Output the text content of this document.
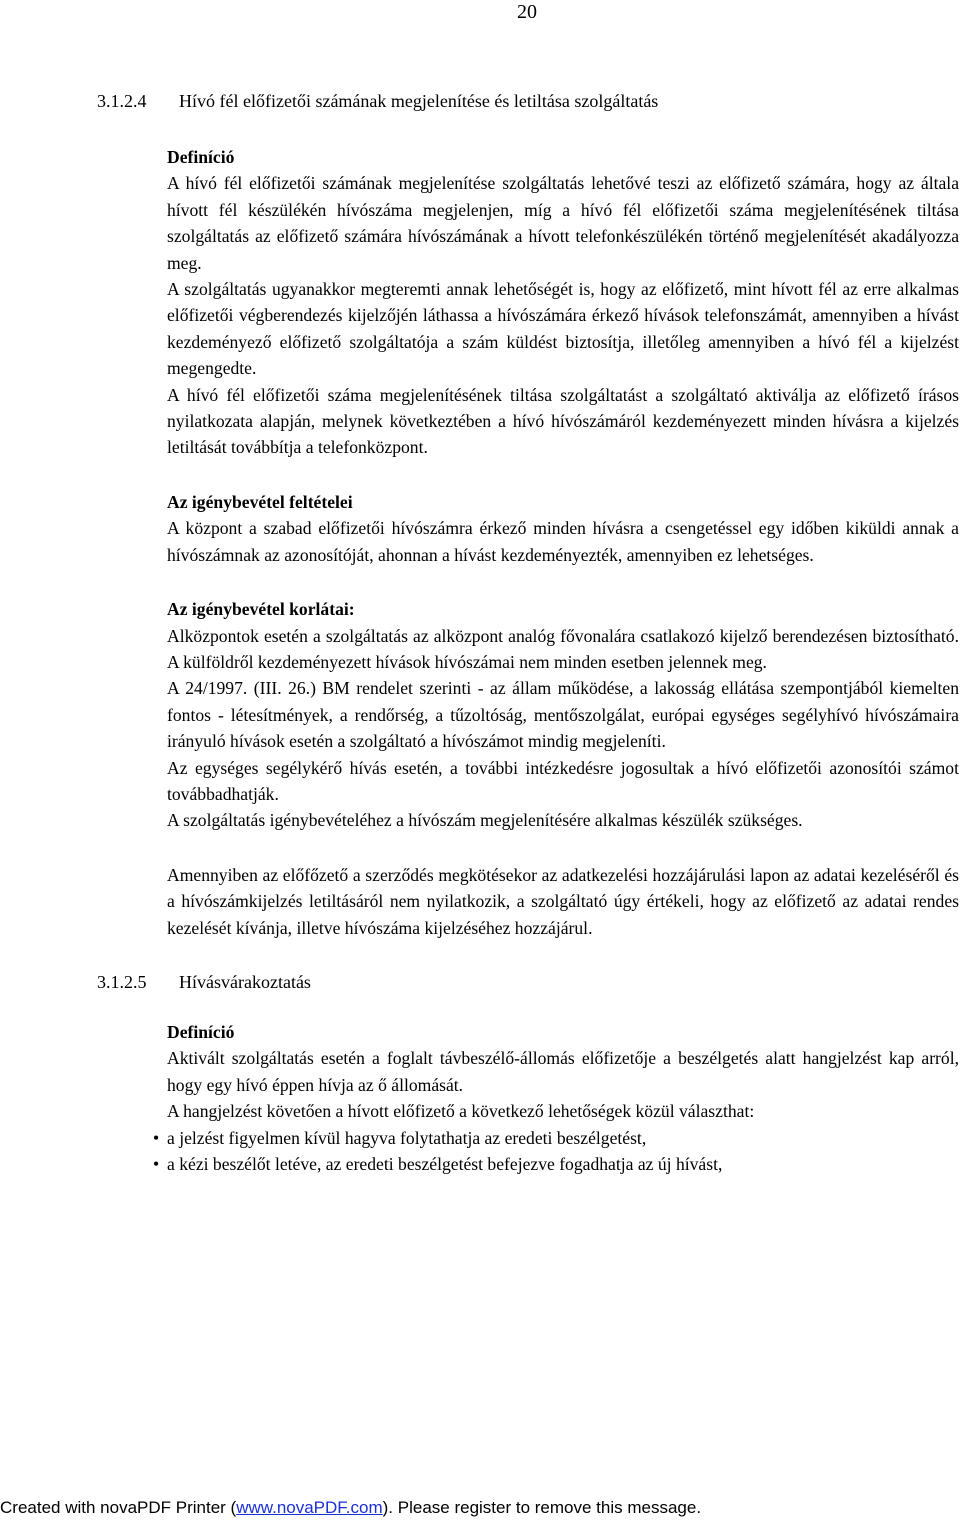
20
3.1.2.4 Hívó fél előfizetői számának megjelenítése és letiltása szolgáltatás
Definíció

A hívó fél előfizetői számának megjelenítése szolgáltatás lehetővé teszi az előfizető számára, hogy az általa hívott fél készülékén hívószáma megjelenjen, míg a hívó fél előfizetői száma megjelenítésének tiltása szolgáltatás az előfizető számára hívószámának a hívott telefonkészülékén történő megjelenítését akadályozza meg.

A szolgáltatás ugyanakkor megteremti annak lehetőségét is, hogy az előfizető, mint hívott fél az erre alkalmas előfizetői végberendezés kijelzőjén láthassa a hívószámára érkező hívások telefonszámát, amennyiben a hívást kezdeményező előfizető szolgáltatója a szám küldést biztosítja, illetőleg amennyiben a hívó fél a kijelzést megengedte.

A hívó fél előfizetői száma megjelenítésének tiltása szolgáltatást a szolgáltató aktiválja az előfizető írásos nyilatkozata alapján, melynek következtében a hívó hívószámáról kezdeményezett minden hívásra a kijelzés letiltását továbbítja a telefonközpont.

Az igénybevétel feltételei

A központ a szabad előfizetői hívószámra érkező minden hívásra a csengetéssel egy időben kiküldi annak a hívószámnak az azonosítóját, ahonnan a hívást kezdeményezték, amennyiben ez lehetséges.

Az igénybevétel korlátai:

Alközpontok esetén a szolgáltatás az alközpont analóg fővonalára csatlakozó kijelző berendezésen biztosítható. A külföldről kezdeményezett hívások hívószámai nem minden esetben jelennek meg.

A 24/1997. (III. 26.) BM rendelet szerinti - az állam működése, a lakosság ellátása szempontjából kiemelten fontos - létesítmények, a rendőrség, a tűzoltóság, mentőszolgálat, európai egységes segélyhívó hívószámaira irányuló hívások esetén a szolgáltató a hívószámot mindig megjeleníti.

Az egységes segélykérő hívás esetén, a további intézkedésre jogosultak a hívó előfizetői azonosítói számot továbbadhatják.

A szolgáltatás igénybevételéhez a hívószám megjelenítésére alkalmas készülék szükséges.

Amennyiben az előfőzető a szerződés megkötésekor az adatkezelési hozzájárulási lapon az adatai kezeléséről és a hívószámkijelzés letiltásáról nem nyilatkozik, a szolgáltató úgy értékeli, hogy az előfizető az adatai rendes kezelését kívánja, illetve hívószáma kijelzéséhez hozzájárul.

3.1.2.5 Hívásvárakoztatás
Definíció

Aktivált szolgáltatás esetén a foglalt távbeszélő-állomás előfizetője a beszélgetés alatt hangjelzést kap arról, hogy egy hívó éppen hívja az ő állomását.

A hangjelzést követően a hívott előfizető a következő lehetőségek közül választhat:

• a jelzést figyelmen kívül hagyva folytathatja az eredeti beszélgetést,
• a kézi beszélőt letéve, az eredeti beszélgetést befejezve fogadhatja az új hívást,
Created with novaPDF Printer (www.novaPDF.com). Please register to remove this message.
